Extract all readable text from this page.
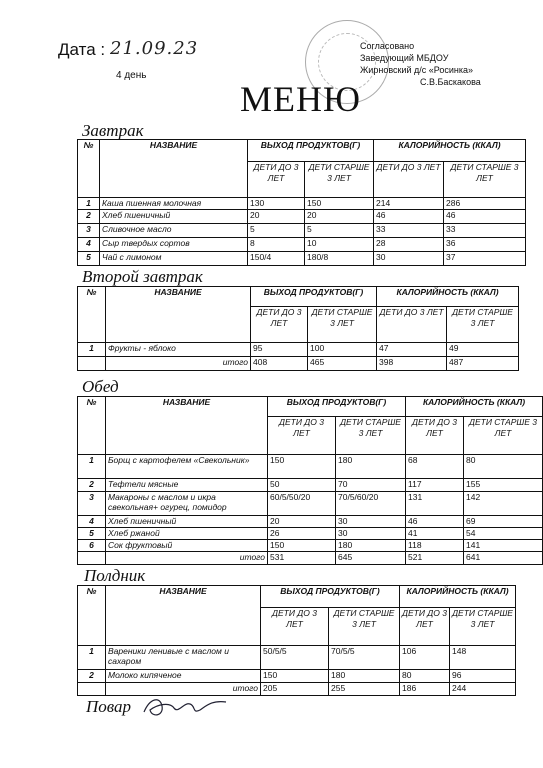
Дата : 21.09.23
4 день
Согласовано
Заведующий МБДОУ
Жирновский д/с «Росинка»
С.В.Баскакова
МЕНЮ
Завтрак
№	НАЗВАНИЕ	ВЫХОД ПРОДУКТОВ(Г)		КАЛОРИЙНОСТЬ (ККАЛ)	
		ДЕТИ ДО 3 ЛЕТ	ДЕТИ СТАРШЕ 3 ЛЕТ	ДЕТИ ДО 3 ЛЕТ	ДЕТИ СТАРШЕ 3 ЛЕТ
1	Каша пшенная молочная	130	150	214	286
2	Хлеб пшеничный	20	20	46	46
3	Сливочное масло	5	5	33	33
4	Сыр твердых сортов	8	10	28	36
5	Чай с лимоном	150/4	180/8	30	37
Второй завтрак
№	НАЗВАНИЕ	ВЫХОД ПРОДУКТОВ(Г)		КАЛОРИЙНОСТЬ (ККАЛ)	
		ДЕТИ ДО 3 ЛЕТ	ДЕТИ СТАРШЕ 3 ЛЕТ	ДЕТИ ДО 3 ЛЕТ	ДЕТИ СТАРШЕ 3 ЛЕТ
1	Фрукты - яблоко	95	100	47	49
	итого	408	465	398	487
Обед
№	НАЗВАНИЕ	ВЫХОД ПРОДУКТОВ(Г)		КАЛОРИЙНОСТЬ (ККАЛ)	
		ДЕТИ ДО 3 ЛЕТ	ДЕТИ СТАРШЕ 3 ЛЕТ	ДЕТИ ДО 3 ЛЕТ	ДЕТИ СТАРШЕ 3 ЛЕТ
1	Борщ с картофелем «Свекольник»	150	180	68	80
2	Тефтели мясные	50	70	117	155
3	Макароны с маслом и икра свекольная+ огурец, помидор	60/5/50/20	70/5/60/20	131	142
4	Хлеб пшеничный	20	30	46	69
5	Хлеб ржаной	26	30	41	54
6	Сок фруктовый	150	180	118	141
	итого	531	645	521	641
Полдник
№	НАЗВАНИЕ	ВЫХОД ПРОДУКТОВ(Г)		КАЛОРИЙНОСТЬ (ККАЛ)	
		ДЕТИ ДО 3 ЛЕТ	ДЕТИ СТАРШЕ 3 ЛЕТ	ДЕТИ ДО 3 ЛЕТ	ДЕТИ СТАРШЕ 3 ЛЕТ
1	Вареники ленивые с маслом и сахаром	50/5/5	70/5/5	106	148
2	Молоко кипяченое	150	180	80	96
	итого	205	255	186	244
Повар
